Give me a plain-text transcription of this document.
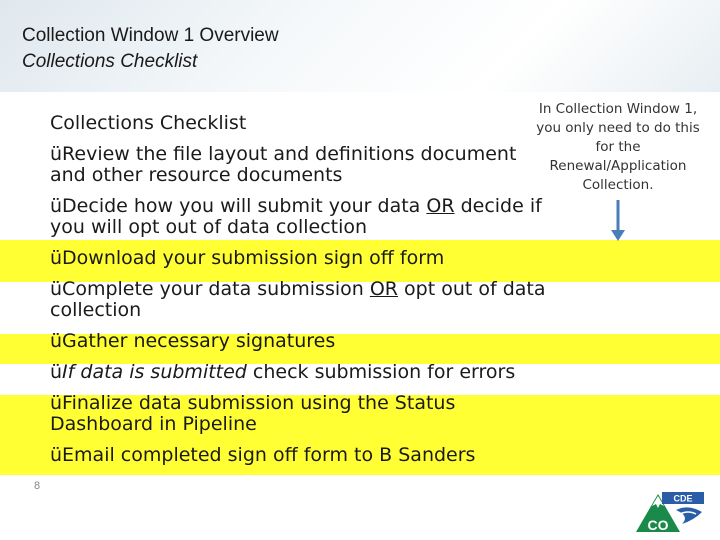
Collection Window 1 Overview
Collections Checklist
Collections Checklist
üReview the file layout and definitions document and other resource documents
üDecide how you will submit your data OR decide if you will opt out of data collection
üDownload your submission sign off form
üComplete your data submission OR opt out of data collection
üGather necessary signatures
üIf data is submitted check submission for errors
üFinalize data submission using the Status Dashboard in Pipeline
üEmail completed sign off form to B Sanders
In Collection Window 1, you only need to do this for the Renewal/Application Collection.
8
CDE
CO
